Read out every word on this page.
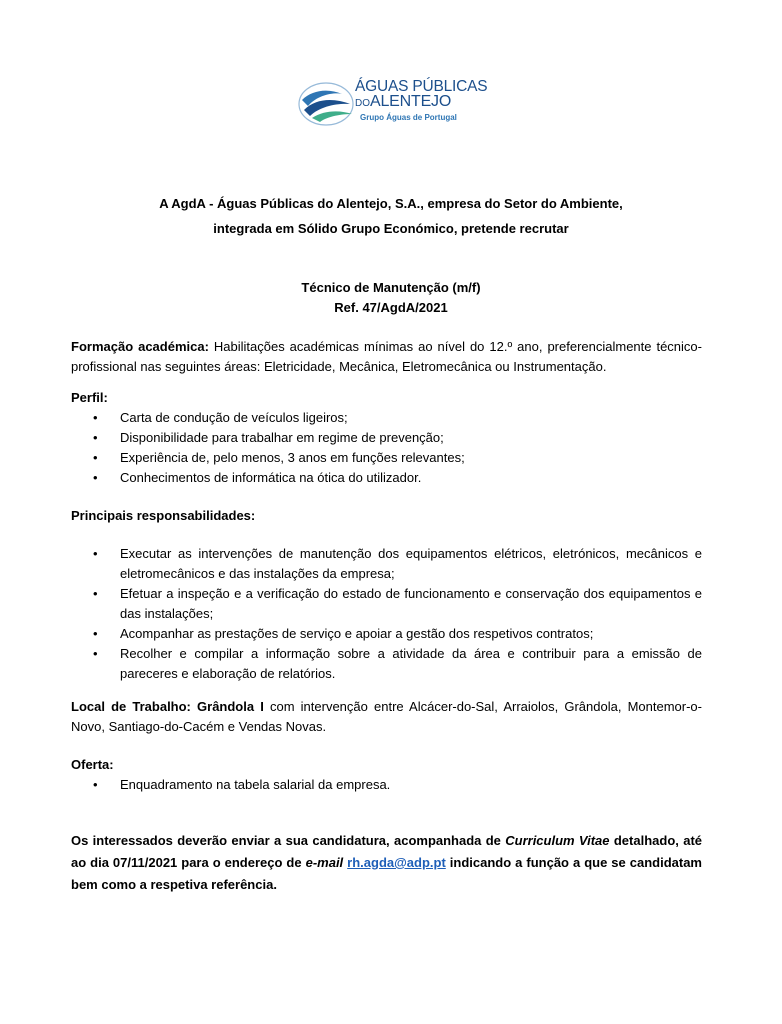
ÁGUAS PÚBLICAS
DOALENTEJO
Grupo Águas de Portugal
A AgdA - Águas Públicas do Alentejo, S.A., empresa do Setor do Ambiente,
integrada em Sólido Grupo Económico, pretende recrutar
Técnico de Manutenção (m/f)
Ref. 47/AgdA/2021
Formação académica: Habilitações académicas mínimas ao nível do 12.º ano, preferencialmente técnico-profissional nas seguintes áreas: Eletricidade, Mecânica, Eletromecânica ou Instrumentação.
Perfil:
• Carta de condução de veículos ligeiros;
• Disponibilidade para trabalhar em regime de prevenção;
• Experiência de, pelo menos, 3 anos em funções relevantes;
• Conhecimentos de informática na ótica do utilizador.
Principais responsabilidades:
• Executar as intervenções de manutenção dos equipamentos elétricos, eletrónicos, mecânicos e eletromecânicos e das instalações da empresa;
• Efetuar a inspeção e a verificação do estado de funcionamento e conservação dos equipamentos e das instalações;
• Acompanhar as prestações de serviço e apoiar a gestão dos respetivos contratos;
• Recolher e compilar a informação sobre a atividade da área e contribuir para a emissão de pareceres e elaboração de relatórios.
Local de Trabalho: Grândola I com intervenção entre Alcácer-do-Sal, Arraiolos, Grândola, Montemor-o-Novo, Santiago-do-Cacém e Vendas Novas.
Oferta:
• Enquadramento na tabela salarial da empresa.
Os interessados deverão enviar a sua candidatura, acompanhada de Curriculum Vitae detalhado, até ao dia 07/11/2021 para o endereço de e-mail rh.agda@adp.pt indicando a função a que se candidatam bem como a respetiva referência.
